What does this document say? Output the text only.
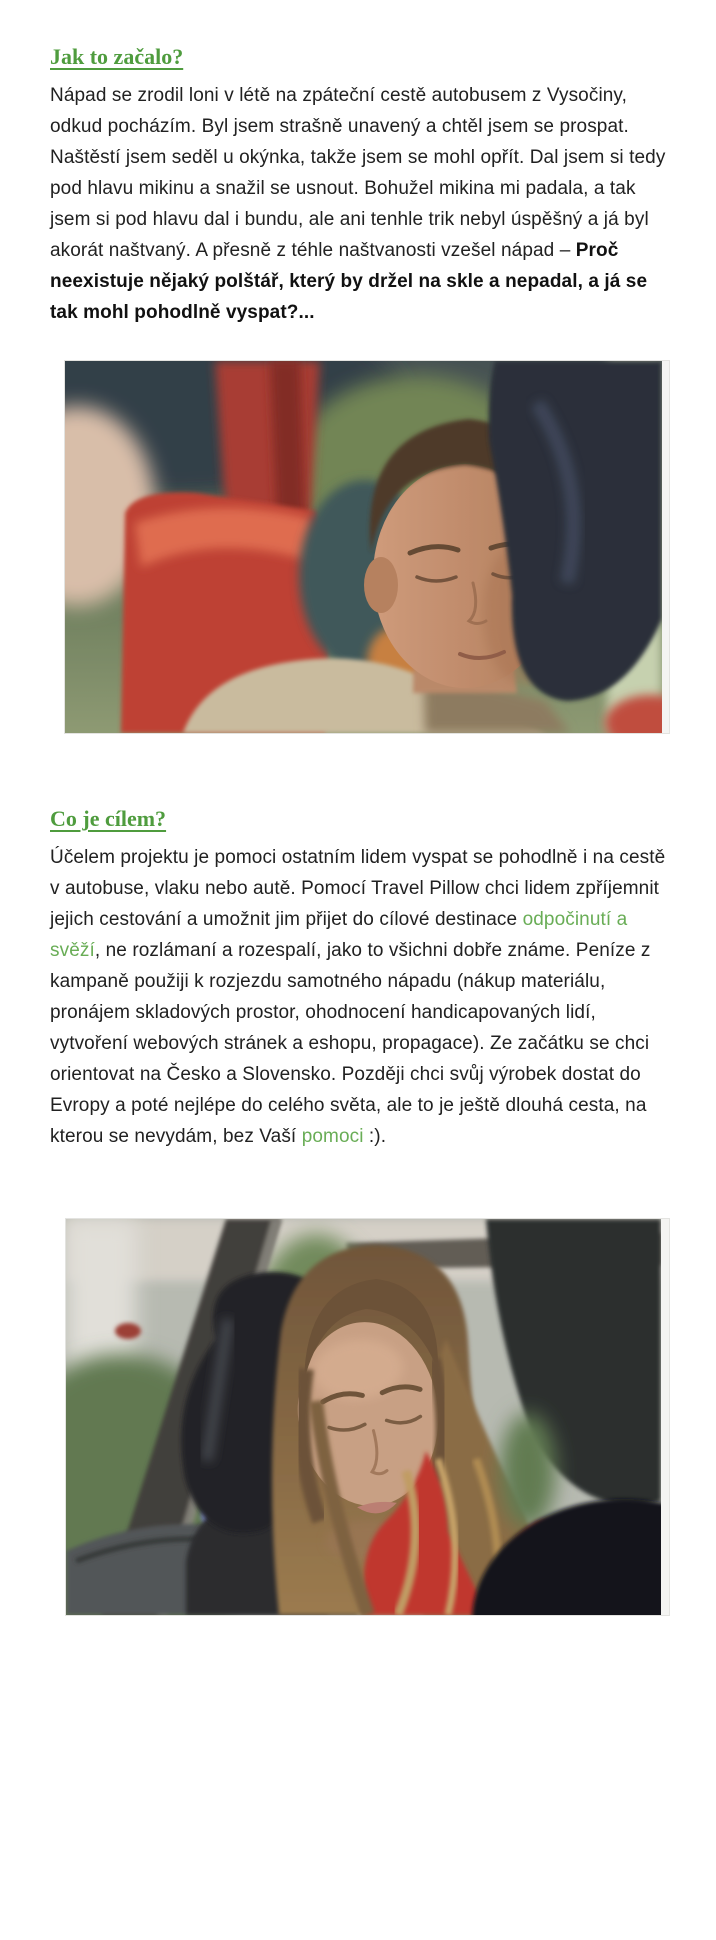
Jak to začalo?

Nápad se zrodil loni v létě na zpáteční cestě autobusem z Vysočiny, odkud pocházím. Byl jsem strašně unavený a chtěl jsem se prospat. Naštěstí jsem seděl u okýnka, takže jsem se mohl opřít. Dal jsem si tedy pod hlavu mikinu a snažil se usnout. Bohužel mikina mi padala, a tak jsem si pod hlavu dal i bundu, ale ani tenhle trik nebyl úspěšný a já byl akorát naštvaný. A přesně z téhle naštvanosti vzešel nápad – Proč neexistuje nějaký polštář, který by držel na skle a nepadal, a já se tak mohl pohodlně vyspat?...

Co je cílem?

Účelem projektu je pomoci ostatním lidem vyspat se pohodlně i na cestě v autobuse, vlaku nebo autě. Pomocí Travel Pillow chci lidem zpříjemnit jejich cestování a umožnit jim přijet do cílové destinace odpočinutí a svěží, ne rozlámaní a rozespalí, jako to všichni dobře známe. Peníze z kampaně použiji k rozjezdu samotného nápadu (nákup materiálu, pronájem skladových prostor, ohodnocení handicapovaných lidí, vytvoření webových stránek a eshopu, propagace). Ze začátku se chci orientovat na Česko a Slovensko. Později chci svůj výrobek dostat do Evropy a poté nejlépe do celého světa, ale to je ještě dlouhá cesta, na kterou se nevydám, bez Vaší pomoci :).
